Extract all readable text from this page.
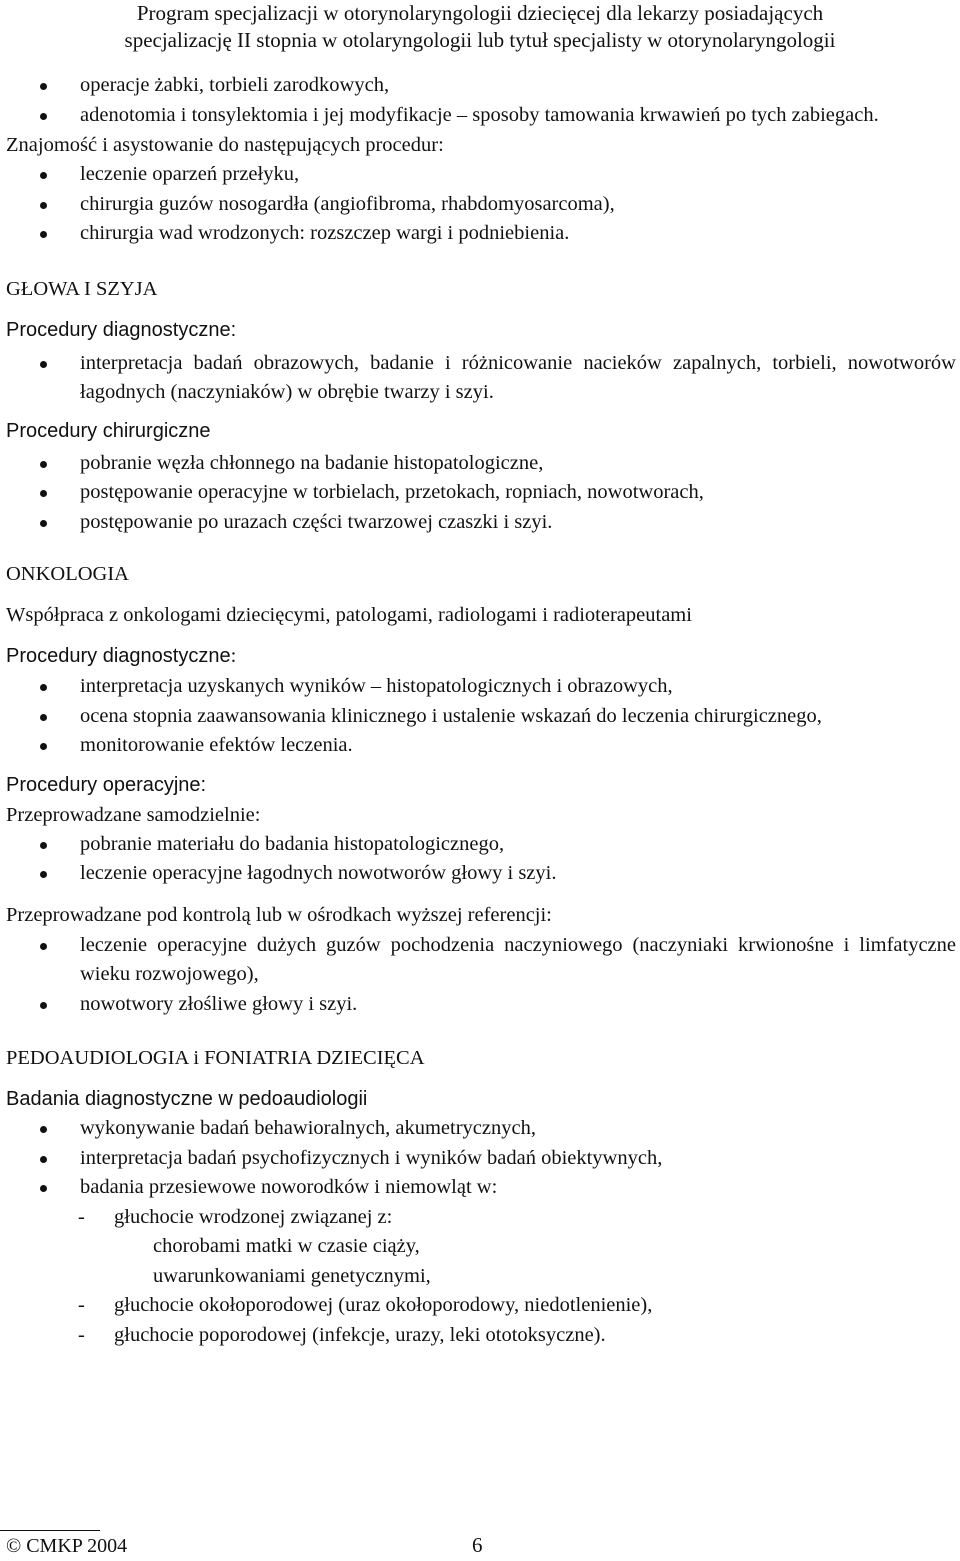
Program specjalizacji w otorynolaryngologii dziecięcej dla lekarzy posiadających
specjalizację II stopnia w otolaryngologii lub tytuł specjalisty w otorynolaryngologii
operacje żabki, torbieli zarodkowych,
adenotomia i tonsylektomia i jej modyfikacje – sposoby tamowania krwawień po tych zabiegach.

Znajomość i asystowanie do następujących procedur:

leczenie oparzeń przełyku,
chirurgia guzów nosogardła (angiofibroma, rhabdomyosarcoma),
chirurgia wad wrodzonych: rozszczep wargi i podniebienia.

GŁOWA I SZYJA

Procedury diagnostyczne:

interpretacja badań obrazowych, badanie i różnicowanie nacieków zapalnych, torbieli, nowotworów łagodnych (naczyniaków) w obrębie twarzy i szyi.

Procedury chirurgiczne

pobranie węzła chłonnego na badanie histopatologiczne,
postępowanie operacyjne w torbielach, przetokach, ropniach, nowotworach,
postępowanie po urazach części twarzowej czaszki i szyi.

ONKOLOGIA

Współpraca z onkologami dziecięcymi, patologami, radiologami i radioterapeutami

Procedury diagnostyczne:

interpretacja uzyskanych wyników – histopatologicznych i obrazowych,
ocena stopnia zaawansowania klinicznego i ustalenie wskazań do leczenia chirurgicznego,
monitorowanie efektów leczenia.

Procedury operacyjne:

Przeprowadzane samodzielnie:

pobranie materiału do badania histopatologicznego,
leczenie operacyjne łagodnych nowotworów głowy i szyi.

Przeprowadzane pod kontrolą lub w ośrodkach wyższej referencji:

leczenie operacyjne dużych guzów pochodzenia naczyniowego (naczyniaki krwionośne i limfatyczne wieku rozwojowego),
nowotwory złośliwe głowy i szyi.

PEDOAUDIOLOGIA i FONIATRIA DZIECIĘCA

Badania diagnostyczne w pedoaudiologii

wykonywanie badań behawioralnych, akumetrycznych,
interpretacja badań psychofizycznych i wyników badań obiektywnych,
badania przesiewowe noworodków i niemowląt w:

- głuchocie wrodzonej związanej z:

chorobami matki w czasie ciąży,

uwarunkowaniami genetycznymi,

- głuchocie okołoporodowej (uraz okołoporodowy, niedotlenienie),

- głuchocie poporodowej (infekcje, urazy, leki ototoksyczne).

© CMKP 2004	6
